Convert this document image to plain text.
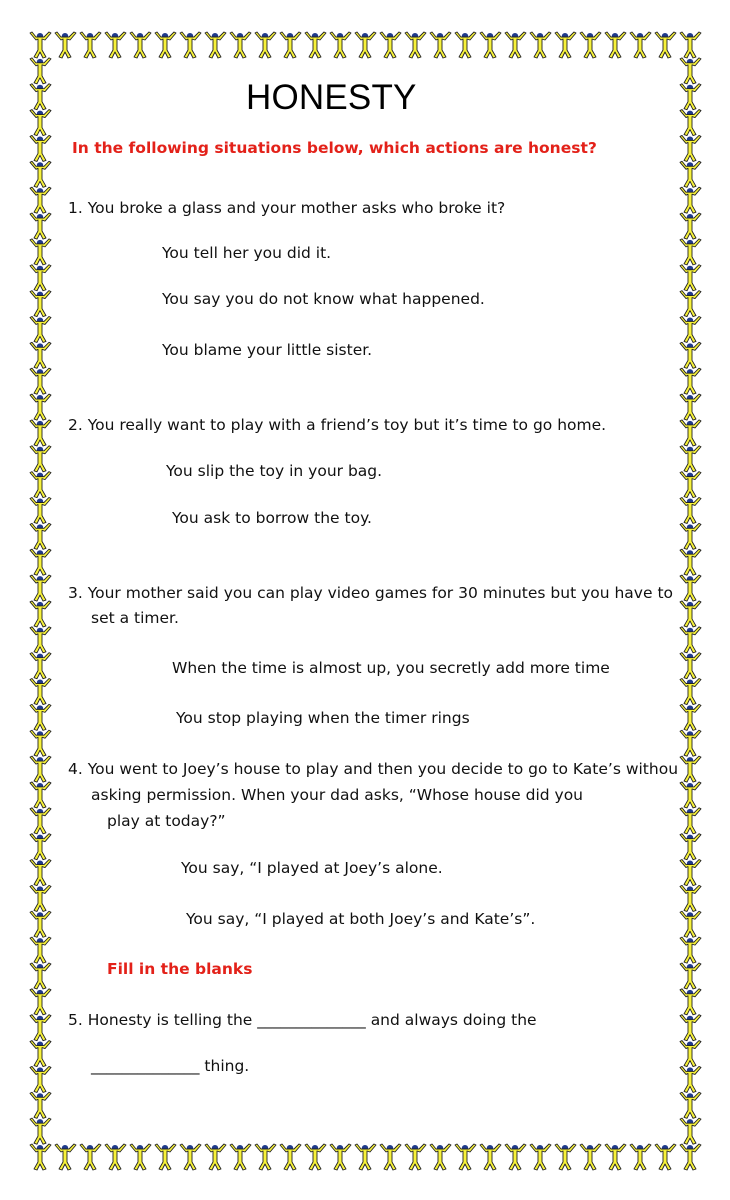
HONESTY
In the following situations below, which actions are honest?
1. You broke a glass and your mother asks who broke it?
You tell her you did it.
You say you do not know what happened.
You blame your little sister.
2. You really want to play with a friend’s toy but it’s time to go home.
You slip the toy in your bag.
You ask to borrow the toy.
3. Your mother said you can play video games for 30 minutes but you have to
set a timer.
When the time is almost up, you secretly add more time
You stop playing when the timer rings
4. You went to Joey’s house to play and then you decide to go to Kate’s withou
asking permission. When your dad asks, “Whose house did you
play at today?”
You say, “I played at Joey’s alone.
You say, “I played at both Joey’s and Kate’s”.
Fill in the blanks
5. Honesty is telling the ______________ and always doing the
______________ thing.
